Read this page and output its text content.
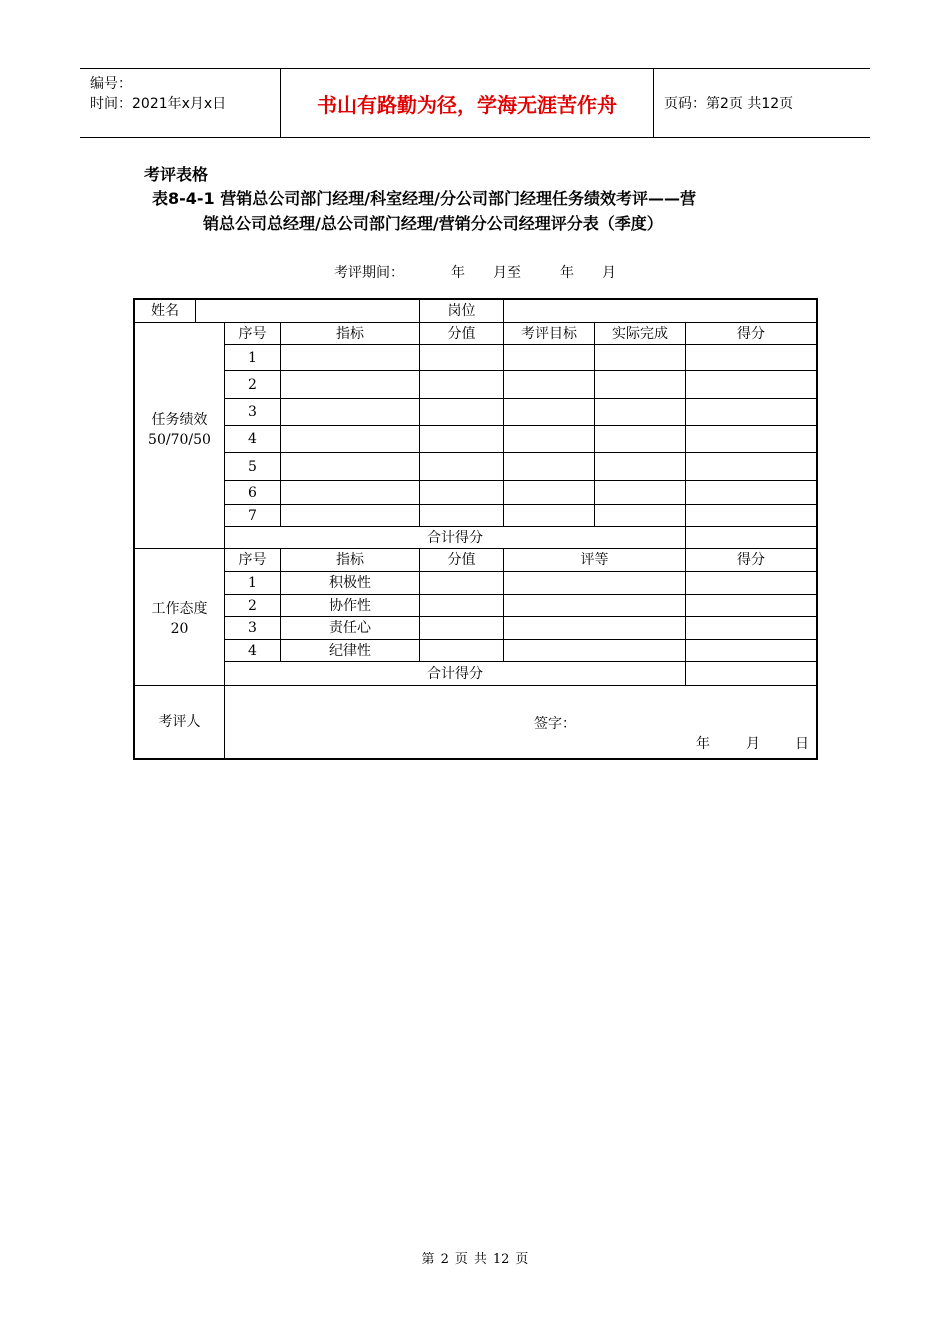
编号：
时间：2021年x月x日	书山有路勤为径，学海无涯苦作舟	页码：第2页 共12页
考评表格
表8-4-1 营销总公司部门经理/科室经理/分公司部门经理任务绩效考评——营
销总公司总经理/总公司部门经理/营销分公司经理评分表（季度）
考评期间：	年 月至	年 月
姓名	岗位
任务绩效
50/70/50
序号	指标	分值	考评目标	实际完成	得分
1
2
3
4
5
6
7
合计得分
工作态度
20
序号	指标	分值	评等	得分
1	积极性
2	协作性
3	责任心
4	纪律性
合计得分
考评人	签字：
年	月	日
第 2 页 共 12 页
